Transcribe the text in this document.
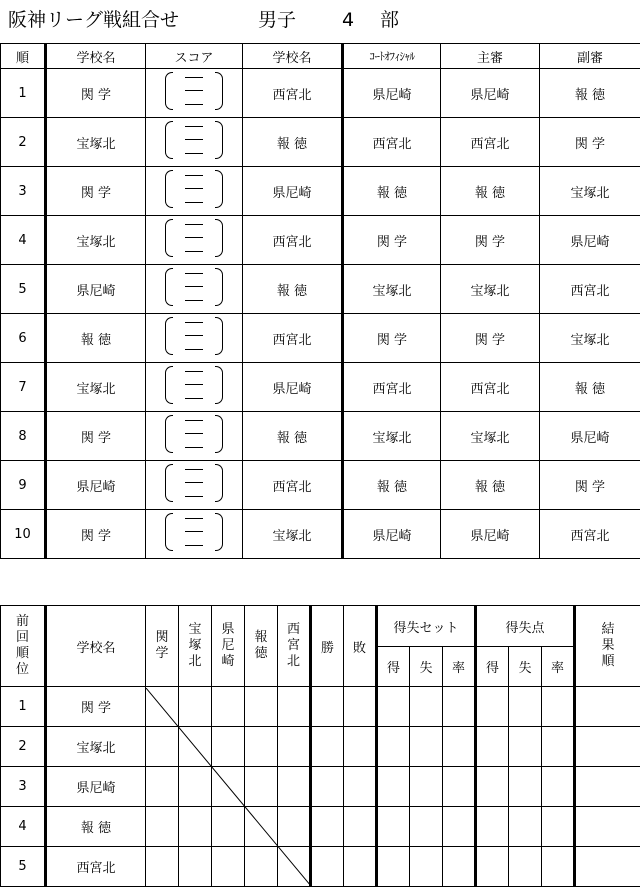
阪神リーグ戦組合せ	男子 4 部
順	学校名	スコア	学校名	ｺｰﾄｵﾌｨｼｬﾙ	主審	副審
1	関 学		西宮北	県尼崎	県尼崎	報 徳
2	宝塚北		報 徳	西宮北	西宮北	関 学
3	関 学		県尼崎	報 徳	報 徳	宝塚北
4	宝塚北		西宮北	関 学	関 学	県尼崎
5	県尼崎		報 徳	宝塚北	宝塚北	西宮北
6	報 徳		西宮北	関 学	関 学	宝塚北
7	宝塚北		県尼崎	西宮北	西宮北	報 徳
8	関 学		報 徳	宝塚北	宝塚北	県尼崎
9	県尼崎		西宮北	報 徳	報 徳	関 学
10	関 学		宝塚北	県尼崎	県尼崎	西宮北
前回順位	学校名	関学	宝塚北	県尼崎	報徳	西宮北	勝	敗	得失セット			得失点			結果順
									得	失	率	得	失	率	
1	関 学														
2	宝塚北														
3	県尼崎														
4	報 徳														
5	西宮北														
